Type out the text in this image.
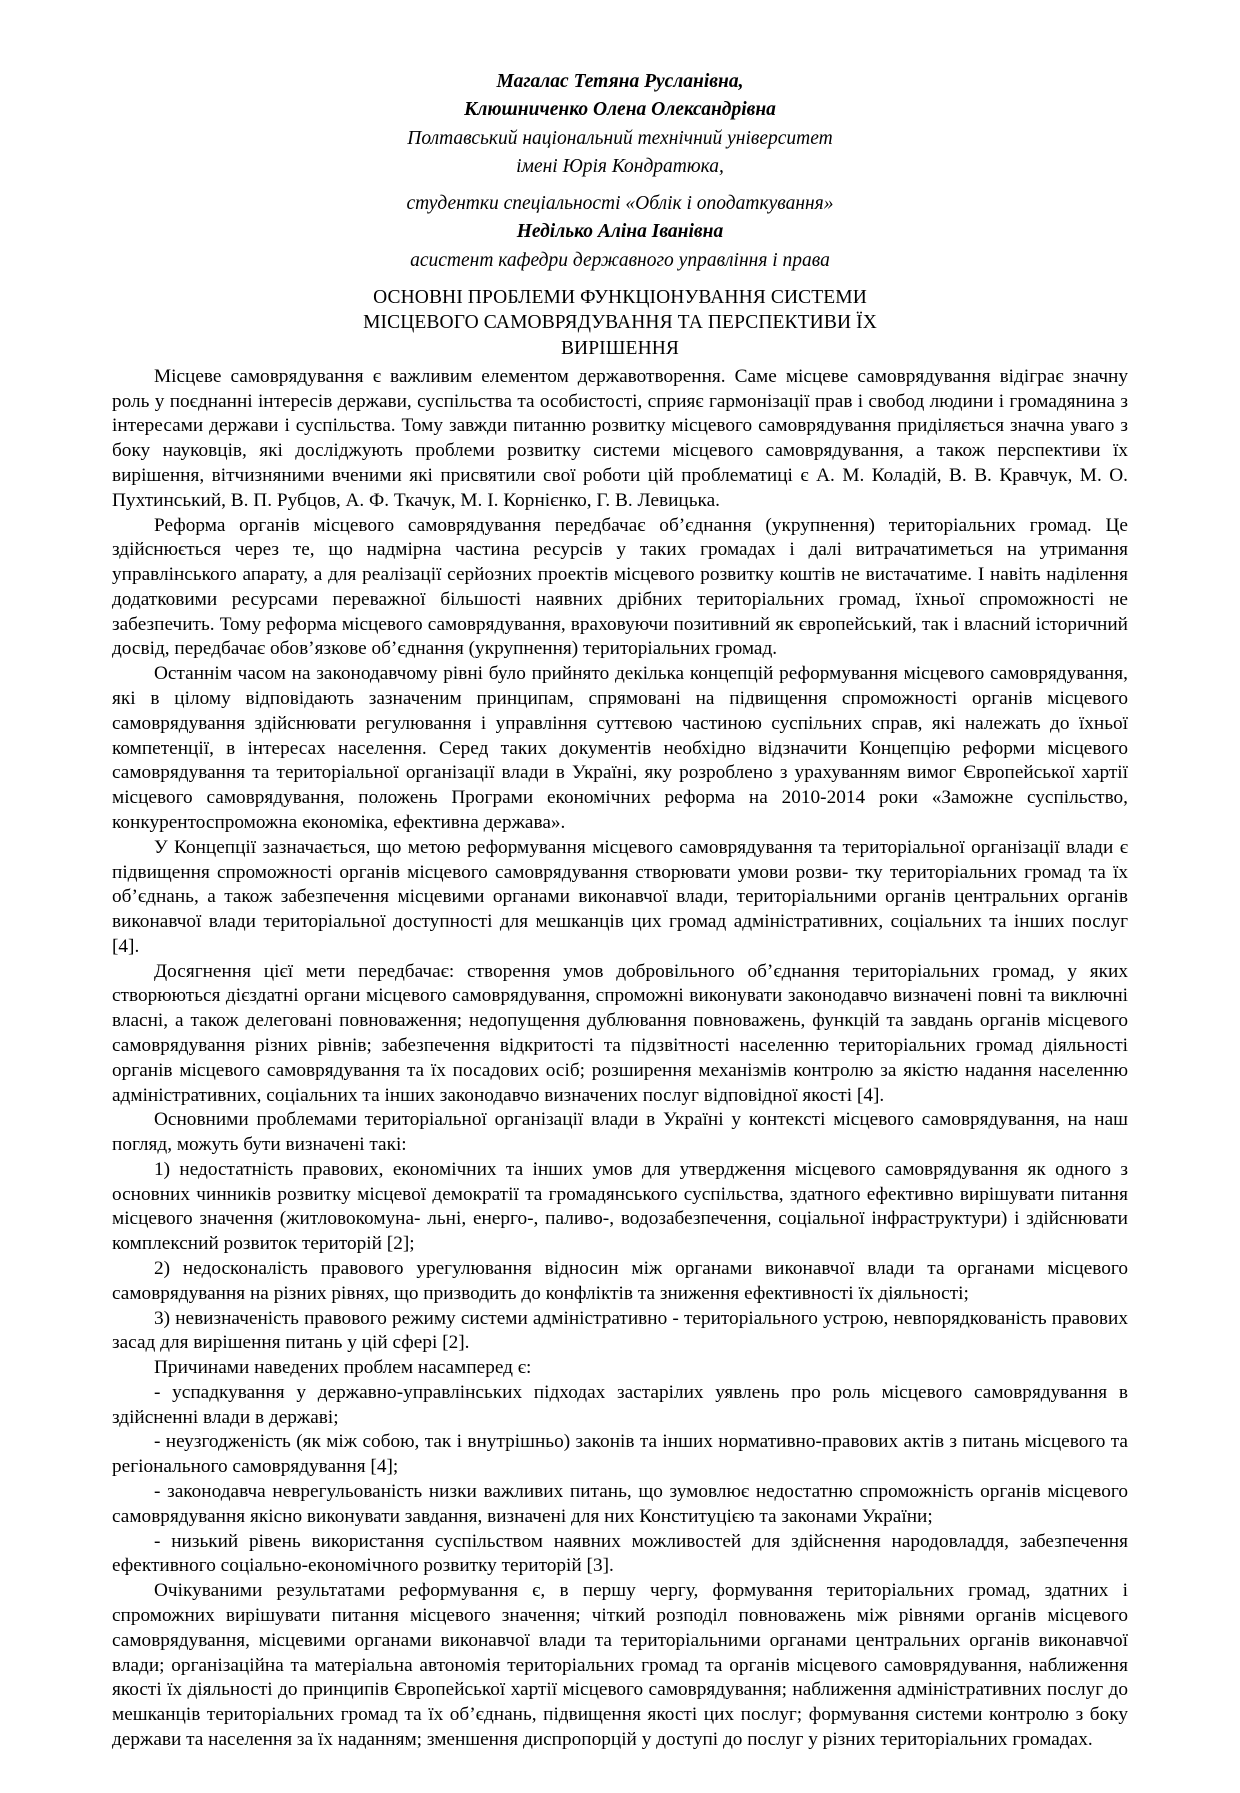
Магалас Тетяна Русланівна,
Клюшниченко Олена Олександрівна
Полтавський національний технічний університет
імені Юрія Кондратюка,
студентки спеціальності «Облік і оподаткування»
Неділько Аліна Іванівна
асистент кафедри державного управління і права
ОСНОВНІ ПРОБЛЕМИ ФУНКЦІОНУВАННЯ СИСТЕМИ
МІСЦЕВОГО САМОВРЯДУВАННЯ ТА ПЕРСПЕКТИВИ ЇХ
ВИРІШЕННЯ

Місцеве самоврядування є важливим елементом державотворення. Саме місцеве самоврядування відіграє значну роль у поєднанні інтересів держави, суспільства та особистості, сприяє гармонізації прав і свобод людини і громадянина з інтересами держави і суспільства. Тому завжди питанню розвитку місцевого самоврядування приділяється значна уваго з боку науковців, які досліджують проблеми розвитку системи місцевого самоврядування, а також перспективи їх вирішення, вітчизняними вченими які присвятили свої роботи цій проблематиці є А. М. Коладій, В. В. Кравчук, М. О. Пухтинський, В. П. Рубцов, А. Ф. Ткачук, М. І. Корнієнко, Г. В. Левицька.

Реформа органів місцевого самоврядування передбачає об’єднання (укрупнення) територіальних громад. Це здійснюється через те, що надмірна частина ресурсів у таких громадах і далі витрачатиметься на утримання управлінського апарату, а для реалізації серйозних проектів місцевого розвитку коштів не вистачатиме. І навіть наділення додатковими ресурсами переважної більшості наявних дрібних територіальних громад, їхньої спроможності не забезпечить. Тому реформа місцевого самоврядування, враховуючи позитивний як європейський, так і власний історичний досвід, передбачає обов’язкове об’єднання (укрупнення) територіальних громад.

Останнім часом на законодавчому рівні було прийнято декілька концепцій реформування місцевого самоврядування, які в цілому відповідають зазначеним принципам, спрямовані на підвищення спроможності органів місцевого самоврядування здійснювати регулювання і управління суттєвою частиною суспільних справ, які належать до їхньої компетенції, в інтересах населення. Серед таких документів необхідно відзначити Концепцію реформи місцевого самоврядування та територіальної організації влади в Україні, яку розроблено з урахуванням вимог Європейської хартії місцевого самоврядування, положень Програми економічних реформа на 2010-2014 роки «Заможне суспільство, конкурентоспроможна економіка, ефективна держава».

У Концепції зазначається, що метою реформування місцевого самоврядування та територіальної організації влади є підвищення спроможності органів місцевого самоврядування створювати умови розви- тку територіальних громад та їх об’єднань, а також забезпечення місцевими органами виконавчої влади, територіальними органів центральних органів виконавчої влади територіальної доступності для мешканців цих громад адміністративних, соціальних та інших послуг [4].

Досягнення цієї мети передбачає: створення умов добровільного об’єднання територіальних громад, у яких створюються дієздатні органи місцевого самоврядування, спроможні виконувати законодавчо визначені повні та виключні власні, а також делеговані повноваження; недопущення дублювання повноважень, функцій та завдань органів місцевого самоврядування різних рівнів; забезпечення відкритості та підзвітності населенню територіальних громад діяльності органів місцевого самоврядування та їх посадових осіб; розширення механізмів контролю за якістю надання населенню адміністративних, соціальних та інших законодавчо визначених послуг відповідної якості [4].

Основними проблемами територіальної організації влади в Україні у контексті місцевого самоврядування, на наш погляд, можуть бути визначені такі:

1) недостатність правових, економічних та інших умов для утвердження місцевого самоврядування як одного з основних чинників розвитку місцевої демократії та громадянського суспільства, здатного ефективно вирішувати питання місцевого значення (житловокомуна- льні, енерго-, паливо-, водозабезпечення, соціальної інфраструктури) і здійснювати комплексний розвиток територій [2];

2) недосконалість правового урегулювання відносин між органами виконавчої влади та органами місцевого самоврядування на різних рівнях, що призводить до конфліктів та зниження ефективності їх діяльності;

3) невизначеність правового режиму системи адміністративно - територіального устрою, невпорядкованість правових засад для вирішення питань у цій сфері [2].

Причинами наведених проблем насамперед є:

- успадкування у державно-управлінських підходах застарілих уявлень про роль місцевого самоврядування в здійсненні влади в державі;

- неузгодженість (як між собою, так і внутрішньо) законів та інших нормативно-правових актів з питань місцевого та регіонального самоврядування [4];

- законодавча неврегульованість низки важливих питань, що зумовлює недостатню спроможність органів місцевого самоврядування якісно виконувати завдання, визначені для них Конституцією та законами України;

- низький рівень використання суспільством наявних можливостей для здійснення народовладдя, забезпечення ефективного соціально-економічного розвитку територій [3].

Очікуваними результатами реформування є, в першу чергу, формування територіальних громад, здатних і спроможних вирішувати питання місцевого значення; чіткий розподіл повноважень між рівнями органів місцевого самоврядування, місцевими органами виконавчої влади та територіальними органами центральних органів виконавчої влади; організаційна та матеріальна автономія територіальних громад та органів місцевого самоврядування, наближення якості їх діяльності до принципів Європейської хартії місцевого самоврядування; наближення адміністративних послуг до мешканців територіальних громад та їх об’єднань, підвищення якості цих послуг; формування системи контролю з боку держави та населення за їх наданням; зменшення диспропорцій у доступі до послуг у різних територіальних громадах.
